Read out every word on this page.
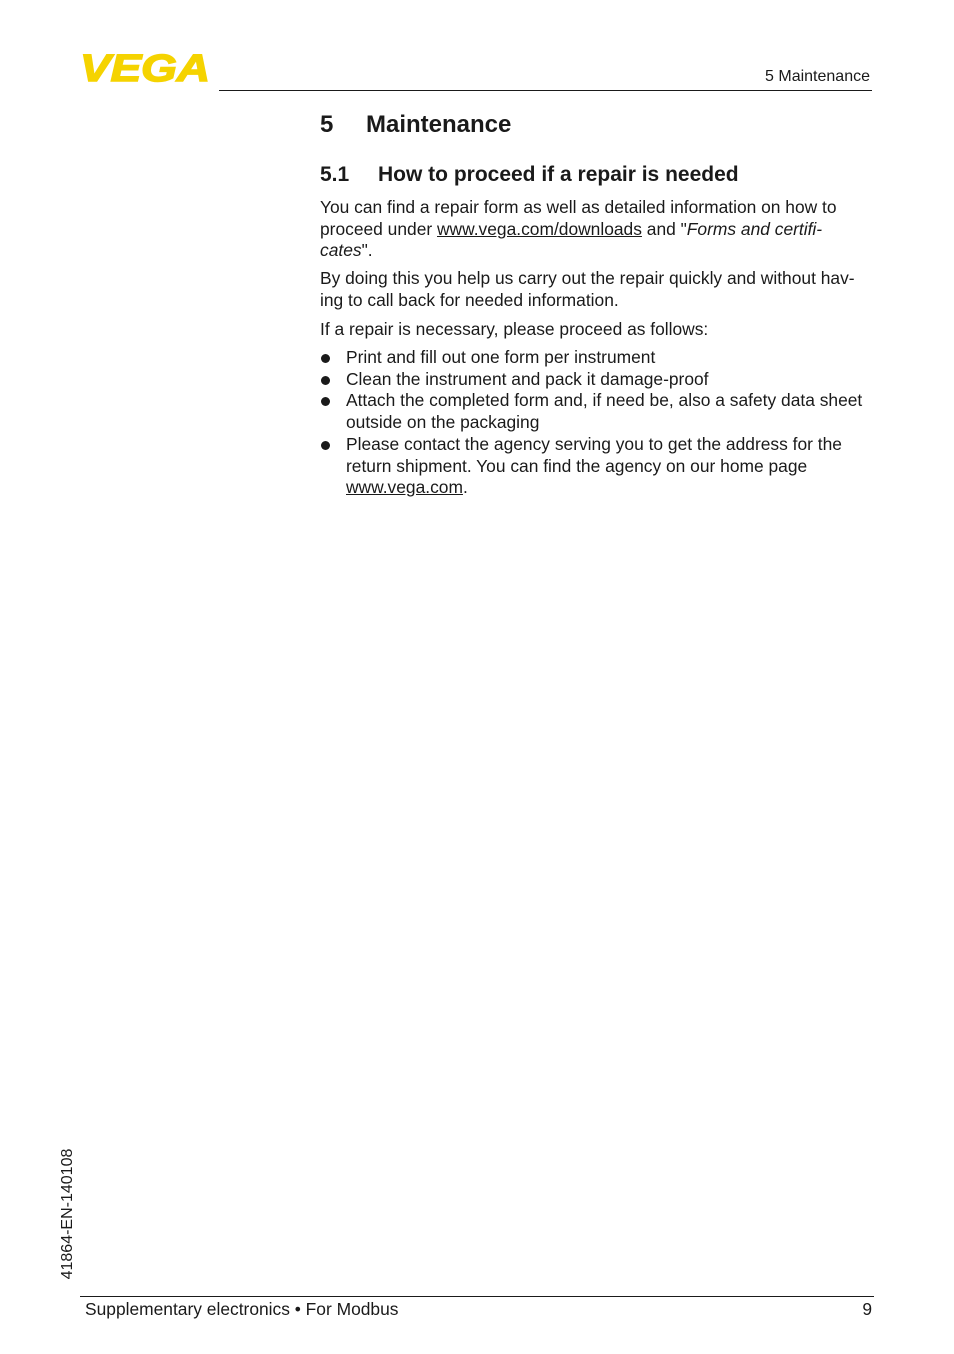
VEGA	5 Maintenance
5 Maintenance
5.1 How to proceed if a repair is needed

You can find a repair form as well as detailed information on how to proceed under www.vega.com/downloads and "Forms and certifi-cates".

By doing this you help us carry out the repair quickly and without hav-ing to call back for needed information.

If a repair is necessary, please proceed as follows:

Print and fill out one form per instrument
Clean the instrument and pack it damage-proof
Attach the completed form and, if need be, also a safety data sheet outside on the packaging
Please contact the agency serving you to get the address for the return shipment. You can find the agency on our home page www.vega.com.
41864-EN-140108
Supplementary electronics • For Modbus	9
